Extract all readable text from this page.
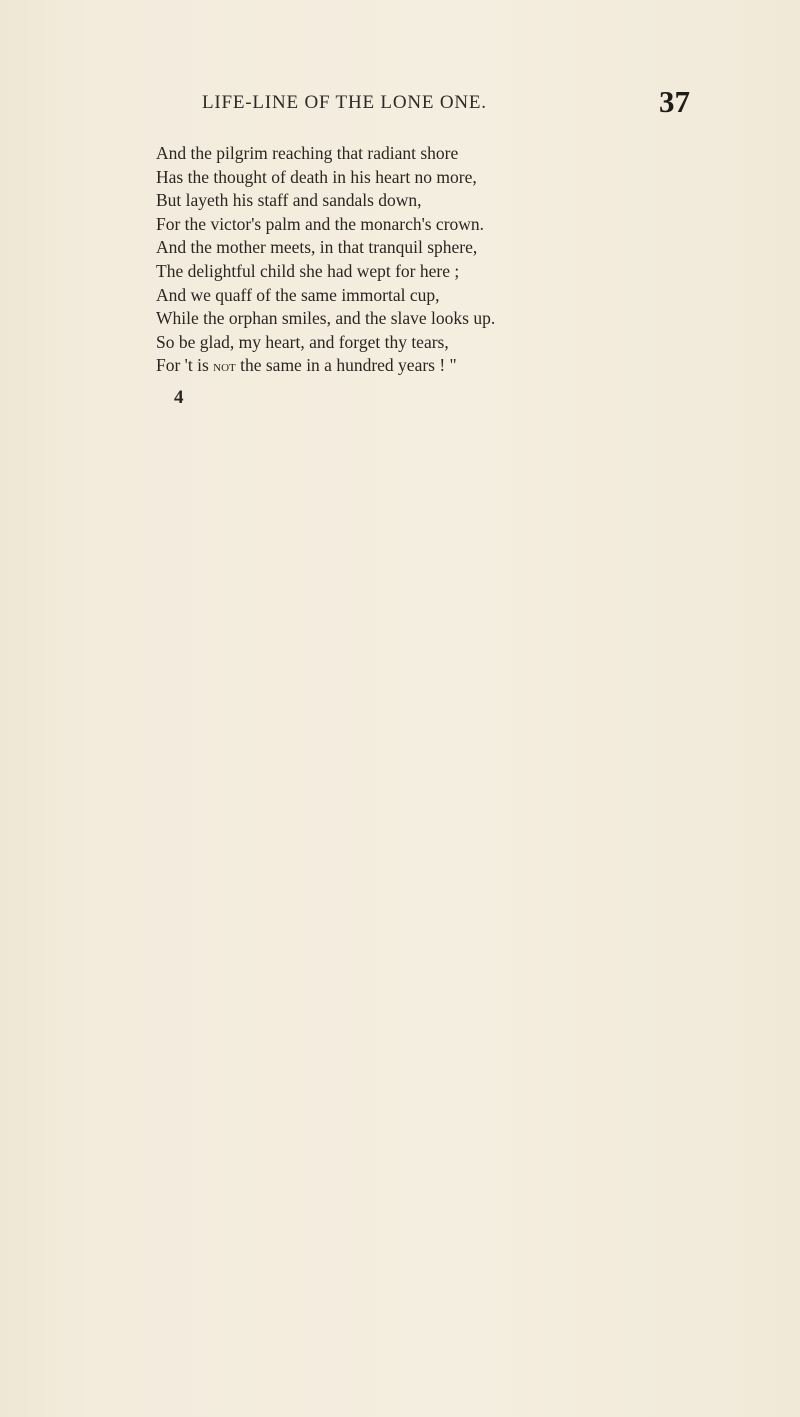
LIFE-LINE OF THE LONE ONE.	37
And the pilgrim reaching that radiant shore
Has the thought of death in his heart no more,
But layeth his staff and sandals down,
For the victor's palm and the monarch's crown.
And the mother meets, in that tranquil sphere,
The delightful child she had wept for here ;
And we quaff of the same immortal cup,
While the orphan smiles, and the slave looks up.
So be glad, my heart, and forget thy tears,
For 't is not the same in a hundred years ! "
4
